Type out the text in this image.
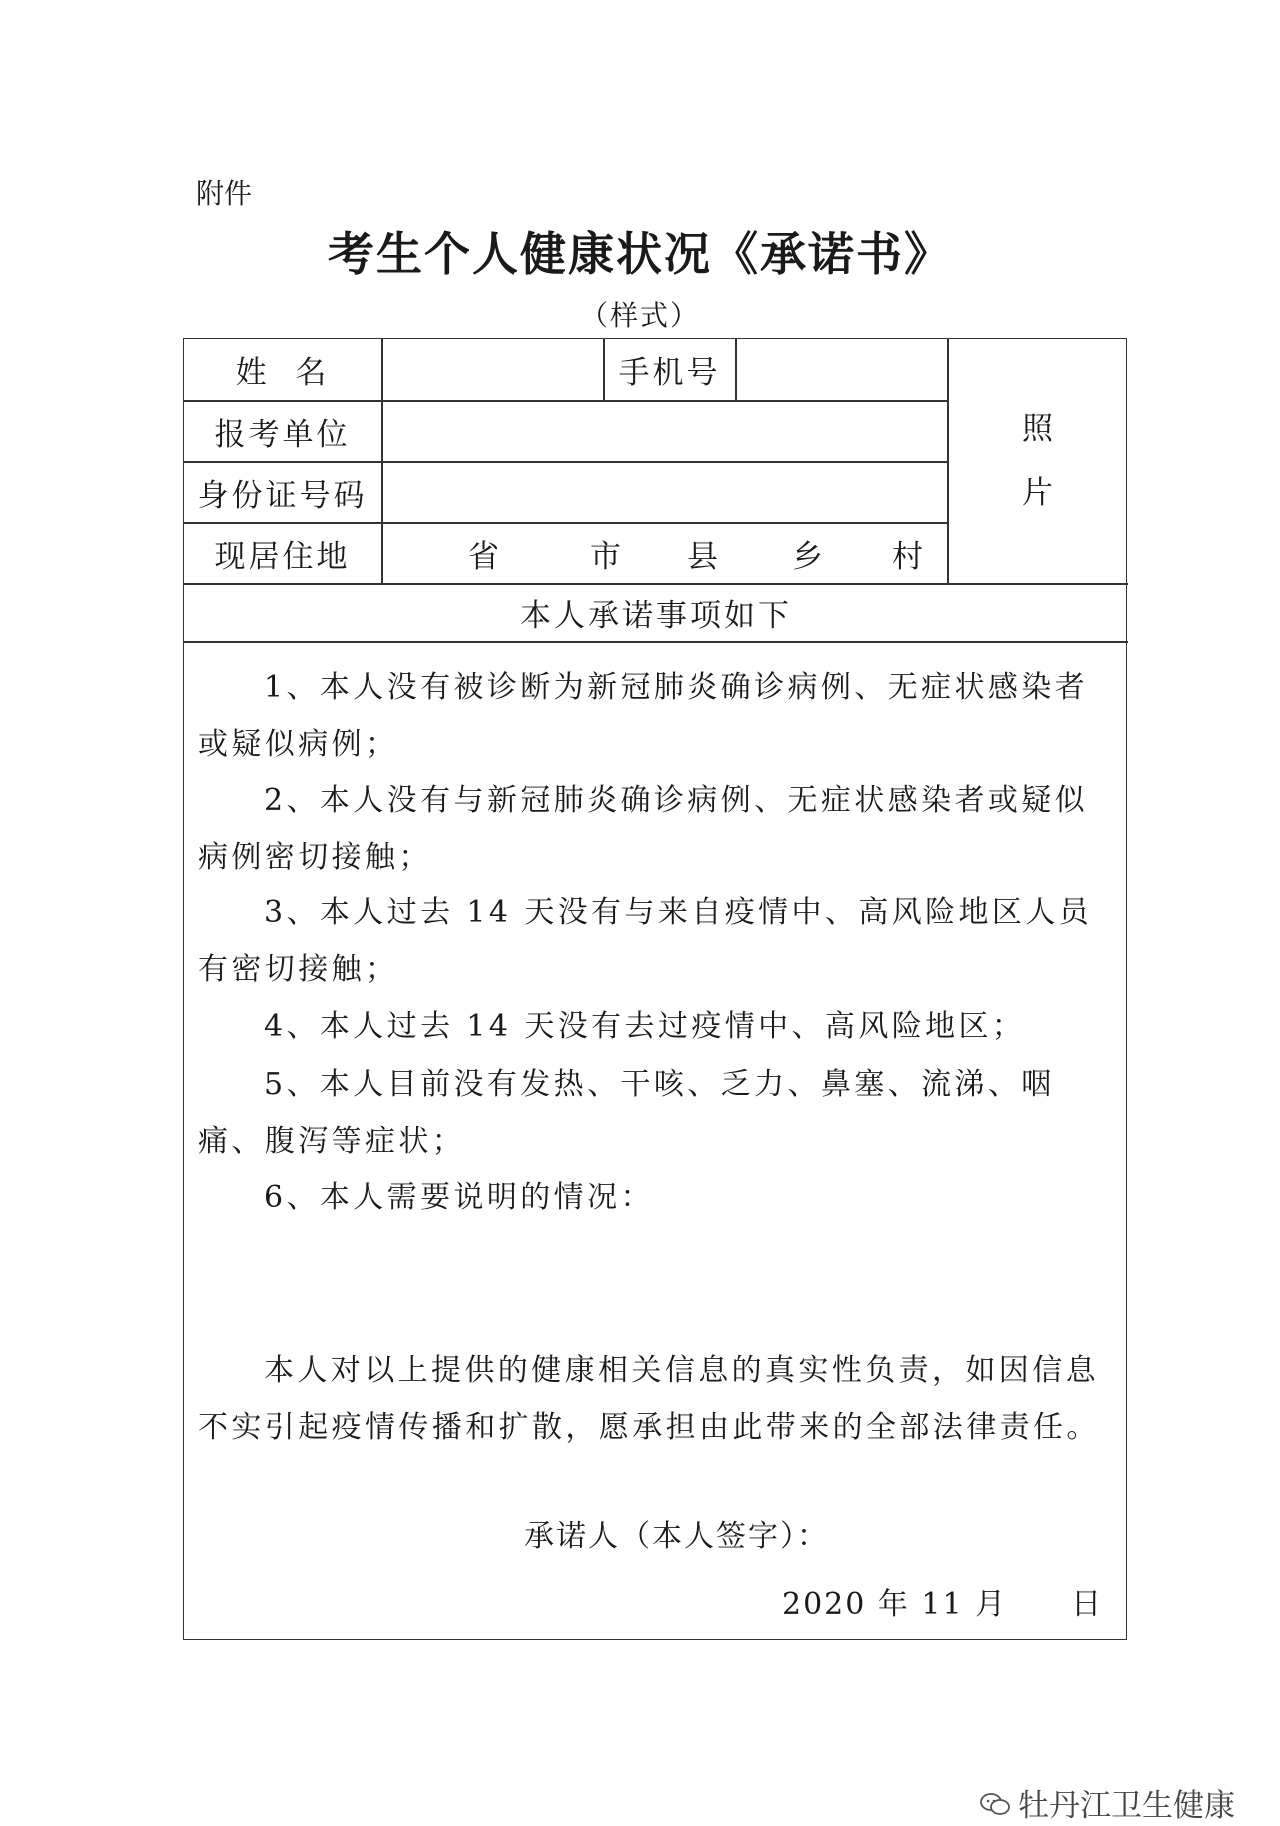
附件
考生个人健康状况《承诺书》
（样式）
姓  名	手机号
报考单位
身份证号码
现居住地	省	市 县 乡 村
照
片
本人承诺事项如下
1、本人没有被诊断为新冠肺炎确诊病例、无症状感染者或疑似病例；
2、本人没有与新冠肺炎确诊病例、无症状感染者或疑似病例密切接触；
3、本人过去 14 天没有与来自疫情中、高风险地区人员有密切接触；
4、本人过去 14 天没有去过疫情中、高风险地区；
5、本人目前没有发热、干咳、乏力、鼻塞、流涕、咽痛、腹泻等症状；
6、本人需要说明的情况：
本人对以上提供的健康相关信息的真实性负责，如因信息不实引起疫情传播和扩散，愿承担由此带来的全部法律责任。
承诺人（本人签字）：
2020 年 11 月　　日
牡丹江卫生健康
